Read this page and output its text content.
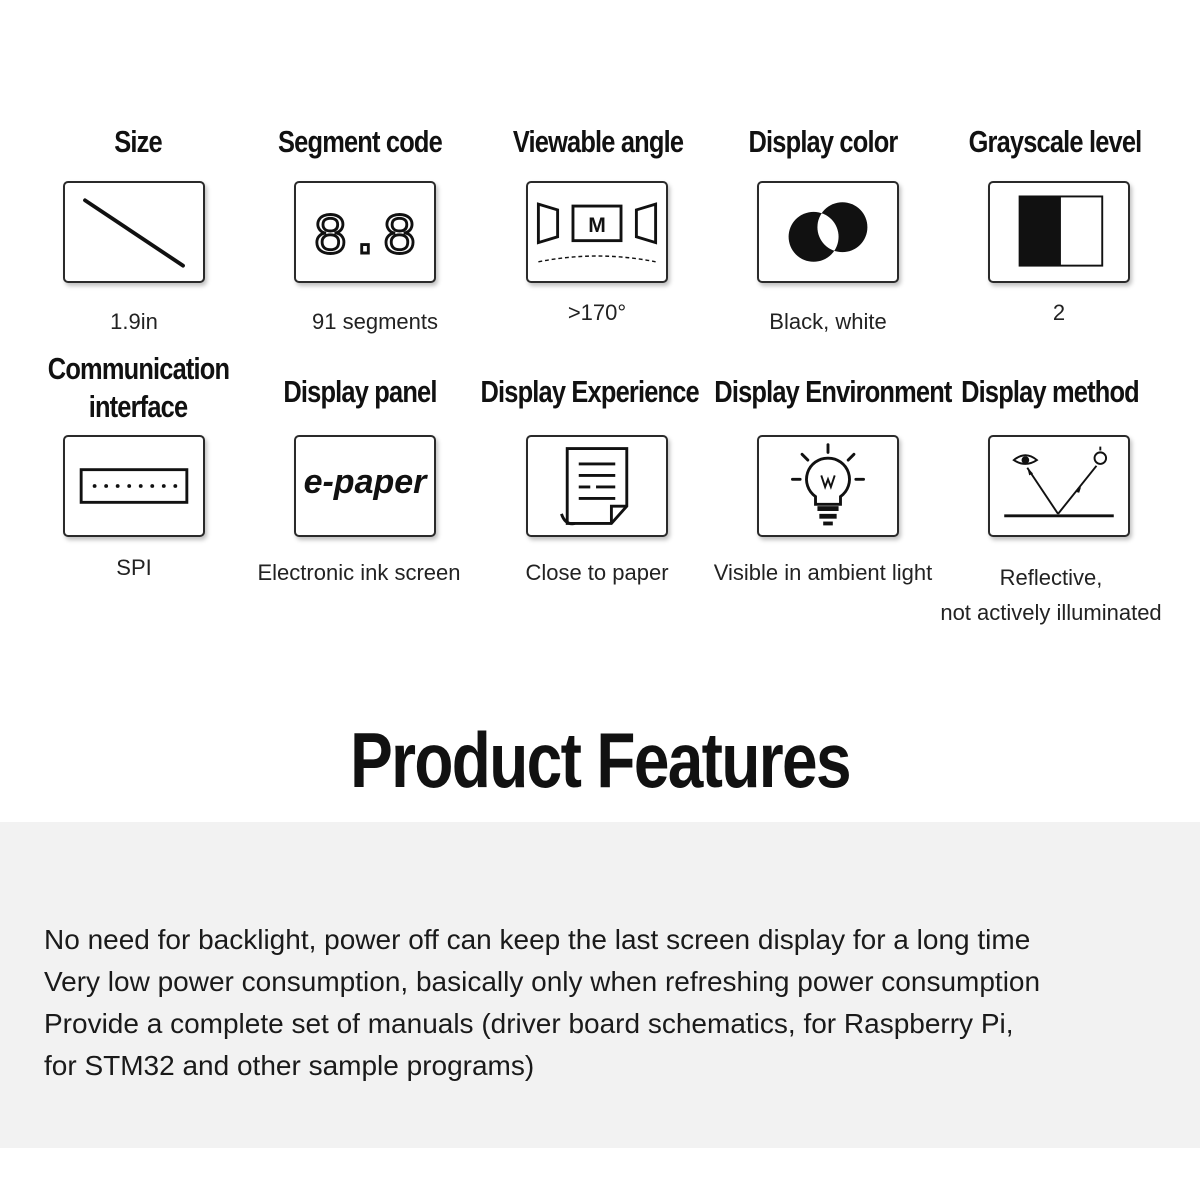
Size
1.9in
Segment code
8.8
91 segments
Viewable angle
M
>170°
Display color
Black, white
Grayscale level
2
Communication
interface
SPI
Display panel
e-paper
Electronic ink screen
Display Experience
Close to paper
Display Environment
Visible in ambient light
Display method
Reflective,
not actively illuminated
Product Features
No need for backlight, power off can keep the last screen display for a long time
Very low power consumption, basically only when refreshing power consumption
Provide a complete set of manuals (driver board schematics, for Raspberry Pi,
for STM32 and other sample programs)
